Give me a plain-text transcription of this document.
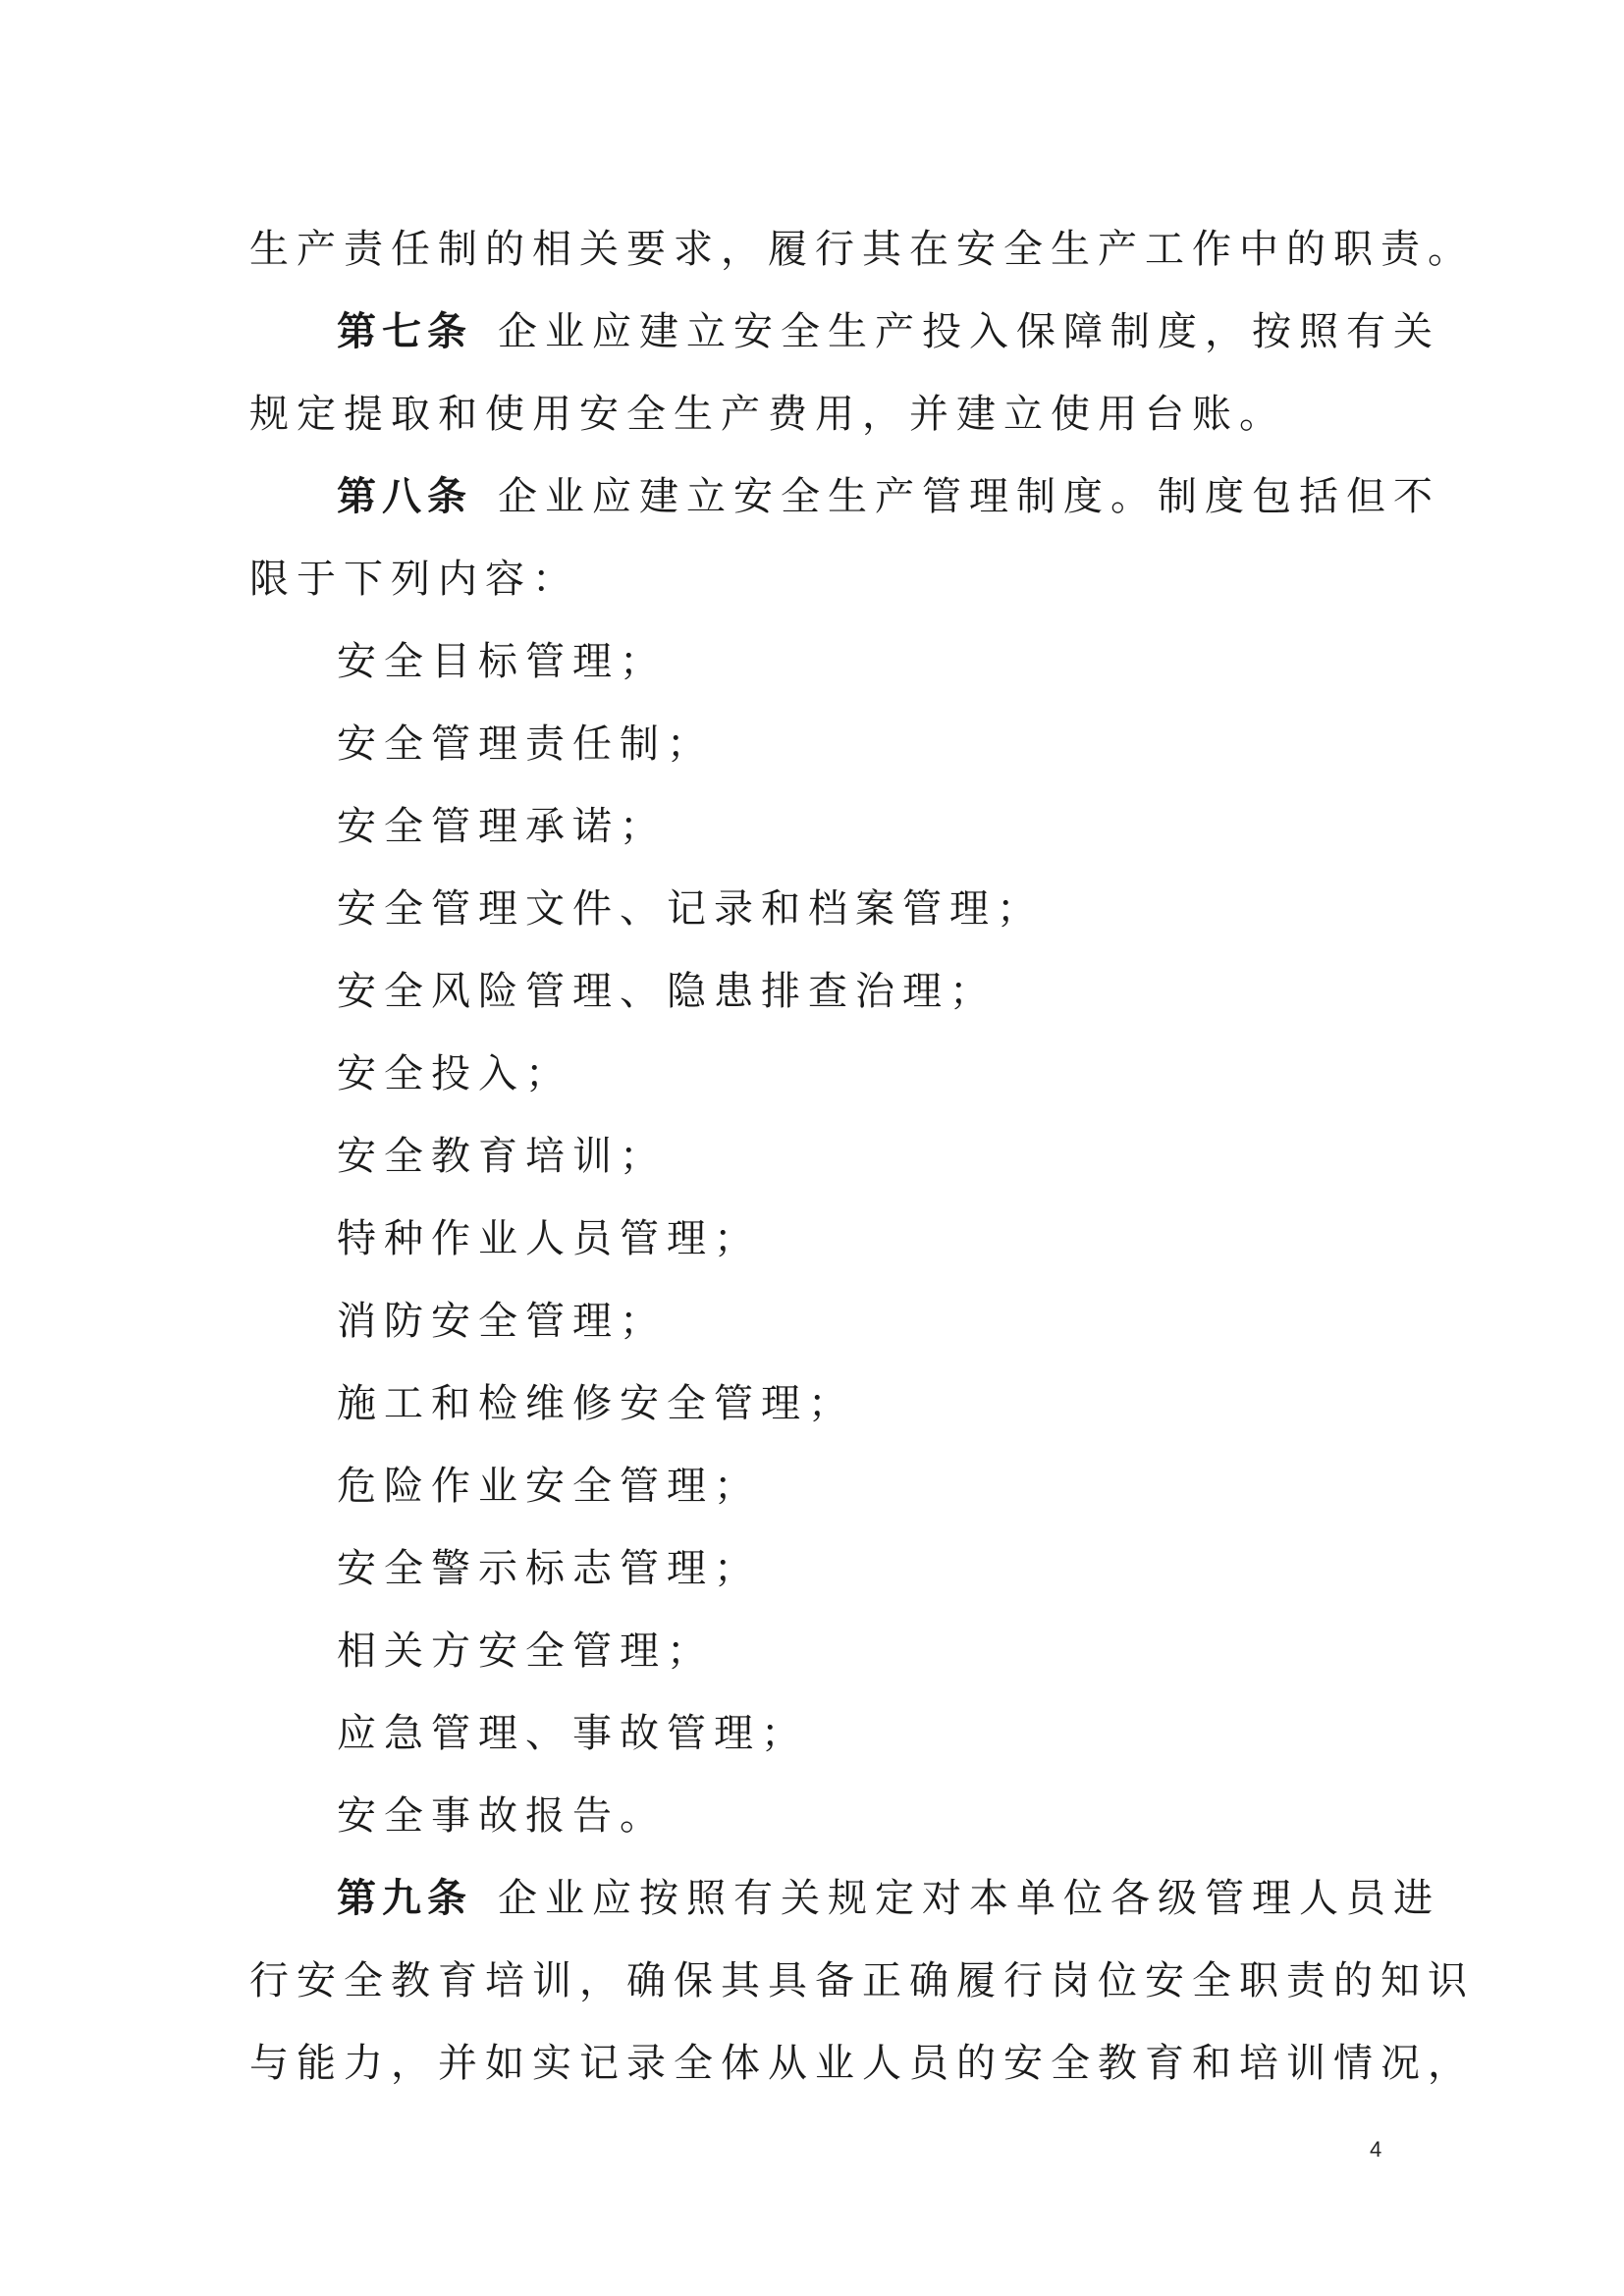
生产责任制的相关要求，履行其在安全生产工作中的职责。
第七条 企业应建立安全生产投入保障制度，按照有关
规定提取和使用安全生产费用，并建立使用台账。
第八条 企业应建立安全生产管理制度。制度包括但不
限于下列内容：
安全目标管理；
安全管理责任制；
安全管理承诺；
安全管理文件、记录和档案管理；
安全风险管理、隐患排查治理；
安全投入；
安全教育培训；
特种作业人员管理；
消防安全管理；
施工和检维修安全管理；
危险作业安全管理；
安全警示标志管理；
相关方安全管理；
应急管理、事故管理；
安全事故报告。
第九条 企业应按照有关规定对本单位各级管理人员进
行安全教育培训，确保其具备正确履行岗位安全职责的知识
与能力，并如实记录全体从业人员的安全教育和培训情况，
4
